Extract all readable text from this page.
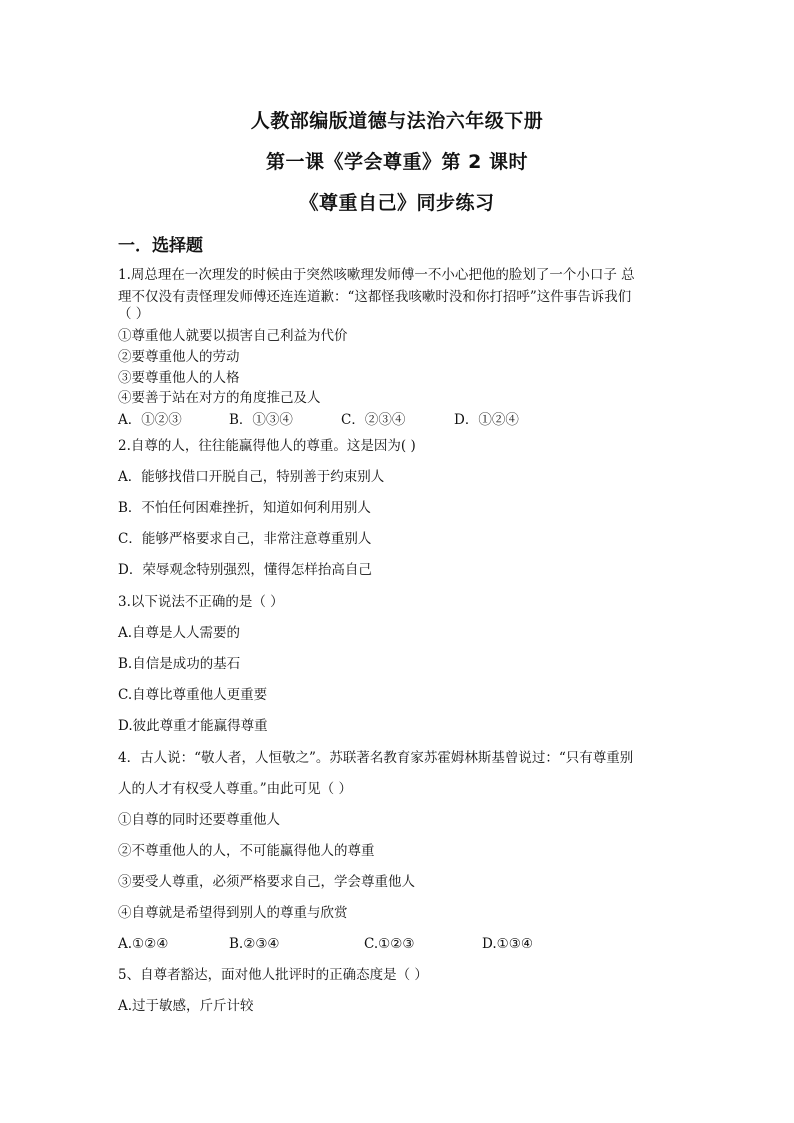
人教部编版道德与法治六年级下册
第一课《学会尊重》第 2 课时
《尊重自己》同步练习
一．选择题
1.周总理在一次理发的时候由于突然咳嗽理发师傅一不小心把他的脸划了一个小口子 总
理不仅没有责怪理发师傅还连连道歉：“这都怪我咳嗽时没和你打招呼”这件事告诉我们
（ ）
①尊重他人就要以损害自己利益为代价
②要尊重他人的劳动
③要尊重他人的人格
④要善于站在对方的角度推己及人
A．①②③	B．①③④	C．②③④	D．①②④
2.自尊的人，往往能赢得他人的尊重。这是因为( )
A．能够找借口开脱自己，特别善于约束别人
B．不怕任何困难挫折，知道如何利用别人
C．能够严格要求自己，非常注意尊重别人
D．荣辱观念特别强烈，懂得怎样抬高自己
3.以下说法不正确的是（ ）
A.自尊是人人需要的
B.自信是成功的基石
C.自尊比尊重他人更重要
D.彼此尊重才能赢得尊重
4．古人说：“敬人者，人恒敬之”。苏联著名教育家苏霍姆林斯基曾说过：“只有尊重别
人的人才有权受人尊重。”由此可见（ ）
①自尊的同时还要尊重他人
②不尊重他人的人，不可能赢得他人的尊重
③要受人尊重，必须严格要求自己，学会尊重他人
④自尊就是希望得到别人的尊重与欣赏
A.①②④	B.②③④	C.①②③	D.①③④
5、自尊者豁达，面对他人批评时的正确态度是（ ）
A.过于敏感，斤斤计较
